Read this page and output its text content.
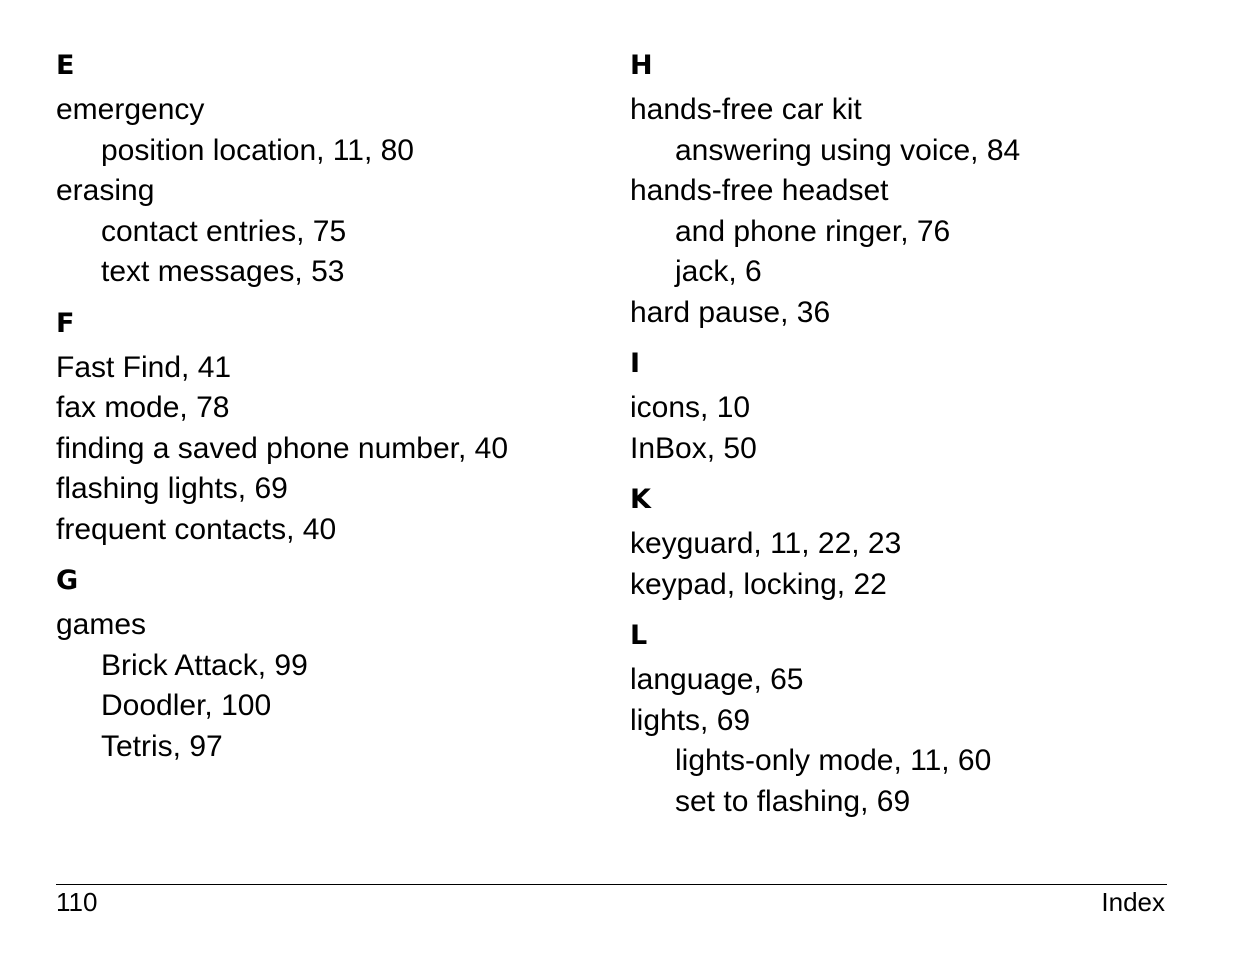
E
emergency
position location, 11, 80
erasing
contact entries, 75
text messages, 53
F
Fast Find, 41
fax mode, 78
finding a saved phone number, 40
flashing lights, 69
frequent contacts, 40
G
games
Brick Attack, 99
Doodler, 100
Tetris, 97
H
hands-free car kit
answering using voice, 84
hands-free headset
and phone ringer, 76
jack, 6
hard pause, 36
I
icons, 10
InBox, 50
K
keyguard, 11, 22, 23
keypad, locking, 22
L
language, 65
lights, 69
lights-only mode, 11, 60
set to flashing, 69
110	Index
